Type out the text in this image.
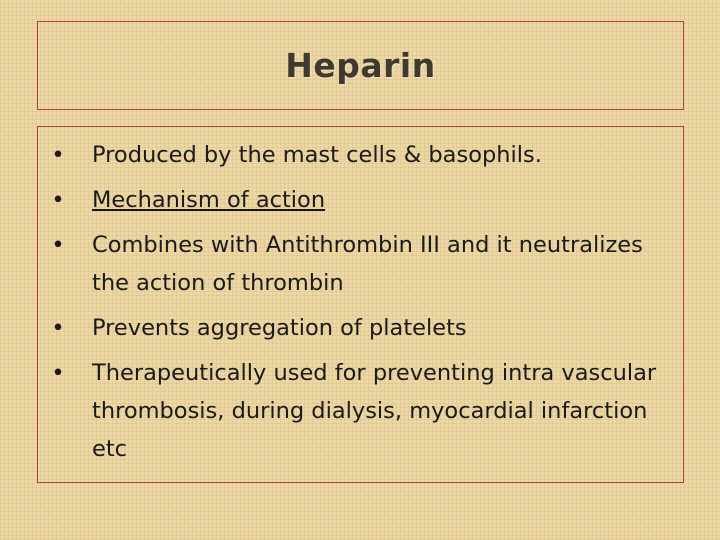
Heparin
• Produced by the mast cells & basophils.
• Mechanism of action
• Combines with Antithrombin III and it neutralizes the action of thrombin
• Prevents aggregation of platelets
• Therapeutically used for preventing intra vascular thrombosis, during dialysis, myocardial infarction etc
